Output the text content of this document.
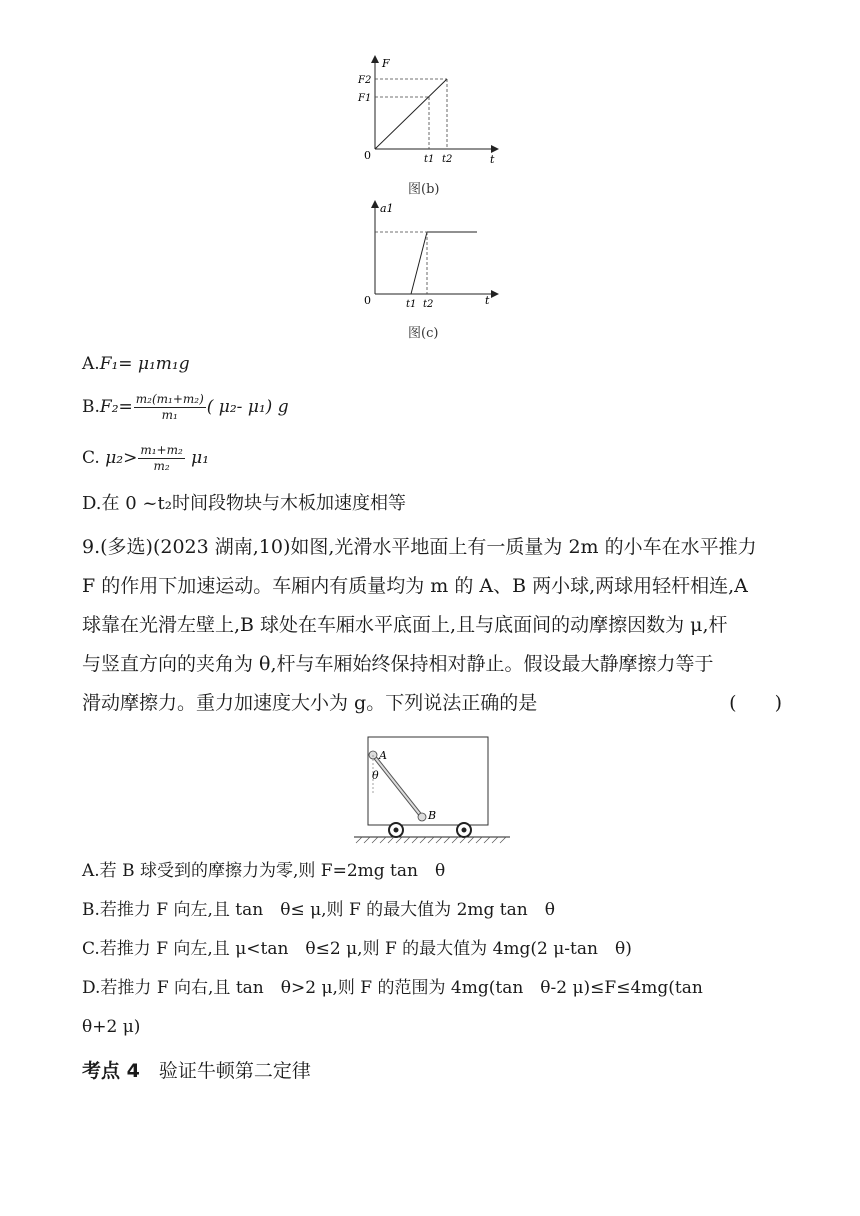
F
t
0
F2
F1
t1 t2
图(b)
a1
t
0	t1 t2
图(c)
A.F₁= μ₁m₁g
$B.F_2= \frac{\text{m₂(m₁+m₂)}}{\text{m₁}}$ ( μ₂- μ₁) g
C. $\mu_2> \frac{\text{m₁+m₂}}{\text{m₂}} \mu_1$
D.在 0 ~t₂时间段物块与木板加速度相等
9.(多选)(2023 湖南,10)如图,光滑水平地面上有一质量为 2m 的小车在水平推力
F 的作用下加速运动。车厢内有质量均为 m 的 A、B 两小球,两球用轻杆相连,A
球靠在光滑左壁上,B 球处在车厢水平底面上,且与底面间的动摩擦因数为 μ,杆
与竖直方向的夹角为 θ,杆与车厢始终保持相对静止。假设最大静摩擦力等于
滑动摩擦力。重力加速度大小为 g。下列说法正确的是	(　　)
A
B
θ
A.若 B 球受到的摩擦力为零,则 F=2mg tan　θ
B.若推力 F 向左,且 tan　θ≤ μ,则 F 的最大值为 2mg tan　θ
C.若推力 F 向左,且 μ<tan　θ≤2 μ,则 F 的最大值为 4mg(2 μ-tan　θ)
D.若推力 F 向右,且 tan　θ>2 μ,则 F 的范围为 4mg(tan　θ-2 μ)≤F≤4mg(tan
θ+2 μ)
考点 4　 验证牛顿第二定律
